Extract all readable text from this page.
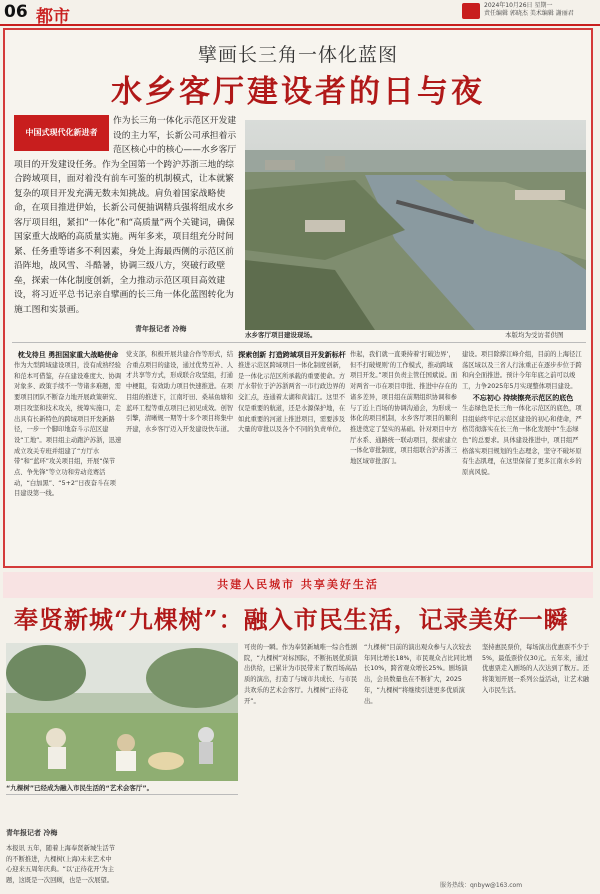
06 都市
2024年10月26日 星期一
责任编辑 郭晓杰 美术编辑 謝丽君
擘画长三角一体化蓝图
水乡客厅建设者的日与夜
作为长三角一体化示范区开发建设的主力军，长新公司承担着示范区核心中的核心——水乡客厅项目的开发建设任务。作为全国第一个跨沪苏浙三地的综合跨域项目，面对着没有前车可鉴的机制模式，让本就繁复杂的项目开发充满无数未知挑战。肩负着国家战略使命，在项目推进伊始，长新公司便抽调精兵强将组成水乡客厅项目组，紧扣“一体化”和“高质量”两个关键词，确保国家重大战略的高质量实施。两年多来，项目组充分时间紧、任务重等诸多不利因素，身处上海最西侧的示范区前沿阵地，战风雪、斗酷暑，协调三级八方，突破行政壁垒，探索一体化制度创新，全力推动示范区项目高效建设，将习近平总书记亲自擘画的长三角一体化蓝图转化为施工图和实景画。
中国式现代化新进者
青年报记者 冷梅
水乡客厅项目建设现场。	本版均为受访者供图
枕戈待旦 勇担国家重大战略使命
作为大型跨域建设项目，没有成熟经验和范本可借鉴，存在建设难度大、协调对象多、政策手续不一等诸多难题，需要项目团队不断奋力地开展政策研究、项目攻坚和技术攻关，统筹实施口，走出具有长新特色的跨域项目开发新路径，一步一个脚印地奋斗示范区建设“工地”。项目组主动跑沪苏浙，迅速成立攻关专班并组建了“方厅水带”和“蓝环”攻关项目组，开展“保节点、争先锋”等立功和劳动竞赛活动，“白加黑”、“5+2”日夜奋斗在项目建设第一线。
党支部，积极开展共建合作等形式，结合重点项目的建设，通过优势互补、人才共享等方式，形成联合攻坚组，打通中梗阻，有效助力项目快速推进。在项目组的推进下，江南圩田、桑基鱼塘和蓝环工程等重点项目已初见成效。创智引擎，清晰规一期等十多个项目将集中开建，水乡客厅迈入开发建设快车道。
探索创新 打造跨域项目开发新标杆
推进示范区跨域项目一体化制度创新，是一体化示范区所承载的重要使命。方厅水带位于沪苏浙两省一市行政边界的交汇点，连通着太湖和黄浦江。这里不仅是重要的航道，还是水源保护地，在如此重要的河道上推进项目，需要涉及大量的审批以及各个不同的负责单位。
作起，我们就一直秉持着‘打破边界’，但不打破规则’的工作模式，推动跨域项目开发。”项目负责主管任国斌说。面对两省一市在项目审批、推进中存在的诸多差异，项目组在前期组织协调和参与了近上百场的协调沟通会，为形成一体化的项目机制，水乡客厅项目的顺利推进奠定了坚实的基础。针对项目中方厅水系、通路统一联动项目，探索建立一体化审批制度，项目组联合沪苏浙三地区域审批部门。
建设。项目除撑江峰介组，目前的上海径江荡区域以及三省人行泳重正在逐步步位于跨和向全面推进。预计今年年底之前可以竣工，力争2025年5月实现整体项目建设。
不忘初心 持续擦亮示范区的底色
生态绿色是长三角一体化示范区的底色，项目组始终牢记示范区建设的初心和使命，严格贯彻落实在长三角一体化发展中“生态绿色”的总要求。具体建设推进中，项目组严格落实项目规划的生态理念，坚守不破坏原有生态肌理，在这里保留了更多江南水乡的原真风貌。
共建人民城市 共享美好生活
奉贤新城“九棵树”：融入市民生活，记录美好一瞬
“九棵树”已经成为融入市民生活的“艺术会客厅”。
青年报记者 冷梅
本报讯 五年，随着上海奉贤新城生活节的不断推进，九棵树(上海)未来艺术中心迎来五周年庆典。“以‘正待花开’为主题，这既是一次回顾，也是一次展望。
可贵的一瞬。作为奉贤新城唯一综合性剧院，“九棵树”对标国际，不断拓展优质演出供给，已累计为市民带来了数百场高品质的演出，打造了与城市共成长、与市民共欢乐的艺术会客厅。九棵树“正待花开”。
“九棵树”目前的演出观众参与人次较去年同比增长18%，市民观众占比同比增长10%，跨省观众增长25%。剧场演出，会员数量也在不断扩大，2025年，“九棵树”将继续引进更多优质演出。
坚持惠民票价，每场演出优惠票不少于5%，最低票价仅30元。五年来，通过优惠票走入剧场的人次达到了数万。还将策划开展一系列公益活动，让艺术融入市民生活。
服务热线：qnbyw@163.com
